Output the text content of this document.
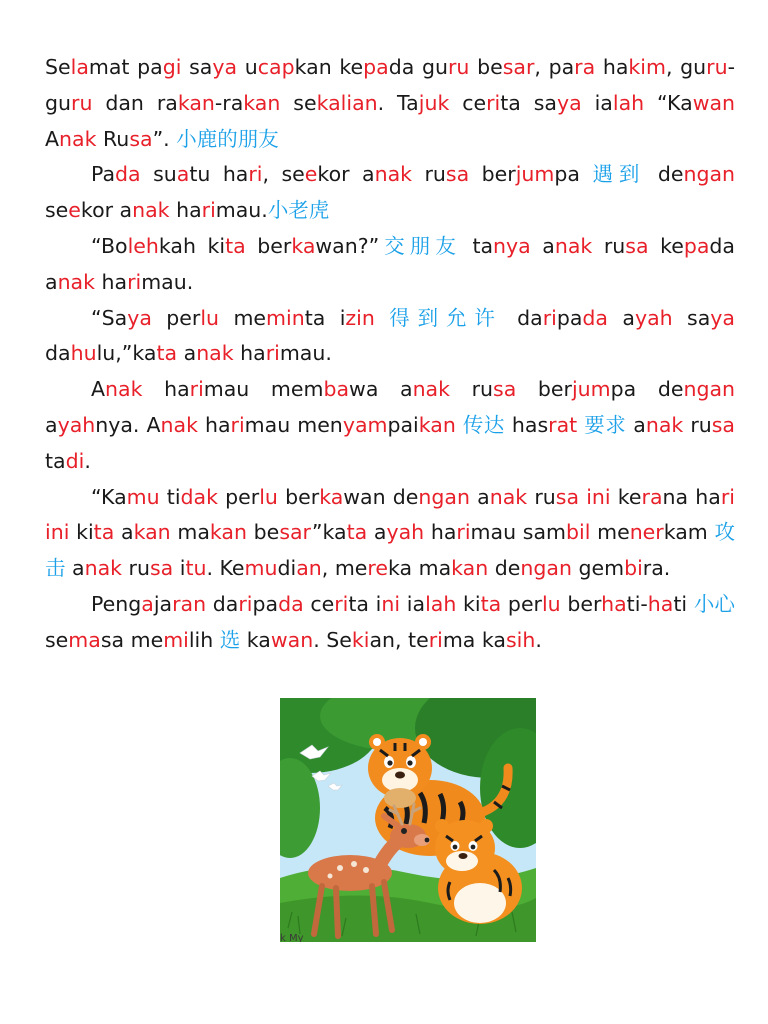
Selamat pagi saya ucapkan kepada guru besar, para hakim, guru-guru dan rakan-rakan sekalian. Tajuk cerita saya ialah “Kawan Anak Rusa”. 小鹿的朋友

Pada suatu hari, seekor anak rusa berjumpa 遇到 dengan seekor anak harimau.小老虎

“Bolehkah kita berkawan?”交朋友 tanya anak rusa kepada anak harimau.

“Saya perlu meminta izin 得到允许 daripada ayah saya dahulu,”kata anak harimau.

Anak harimau membawa anak rusa berjumpa dengan ayahnya. Anak harimau menyampaikan 传达 hasrat 要求 anak rusa tadi.

“Kamu tidak perlu berkawan dengan anak rusa ini kerana hari ini kita akan makan besar”kata ayah harimau sambil menerkam 攻击 anak rusa itu. Kemudian, mereka makan dengan gembira.

Pengajaran daripada cerita ini ialah kita perlu berhati-hati 小心 semasa memilih 选 kawan. Sekian, terima kasih.

k My
